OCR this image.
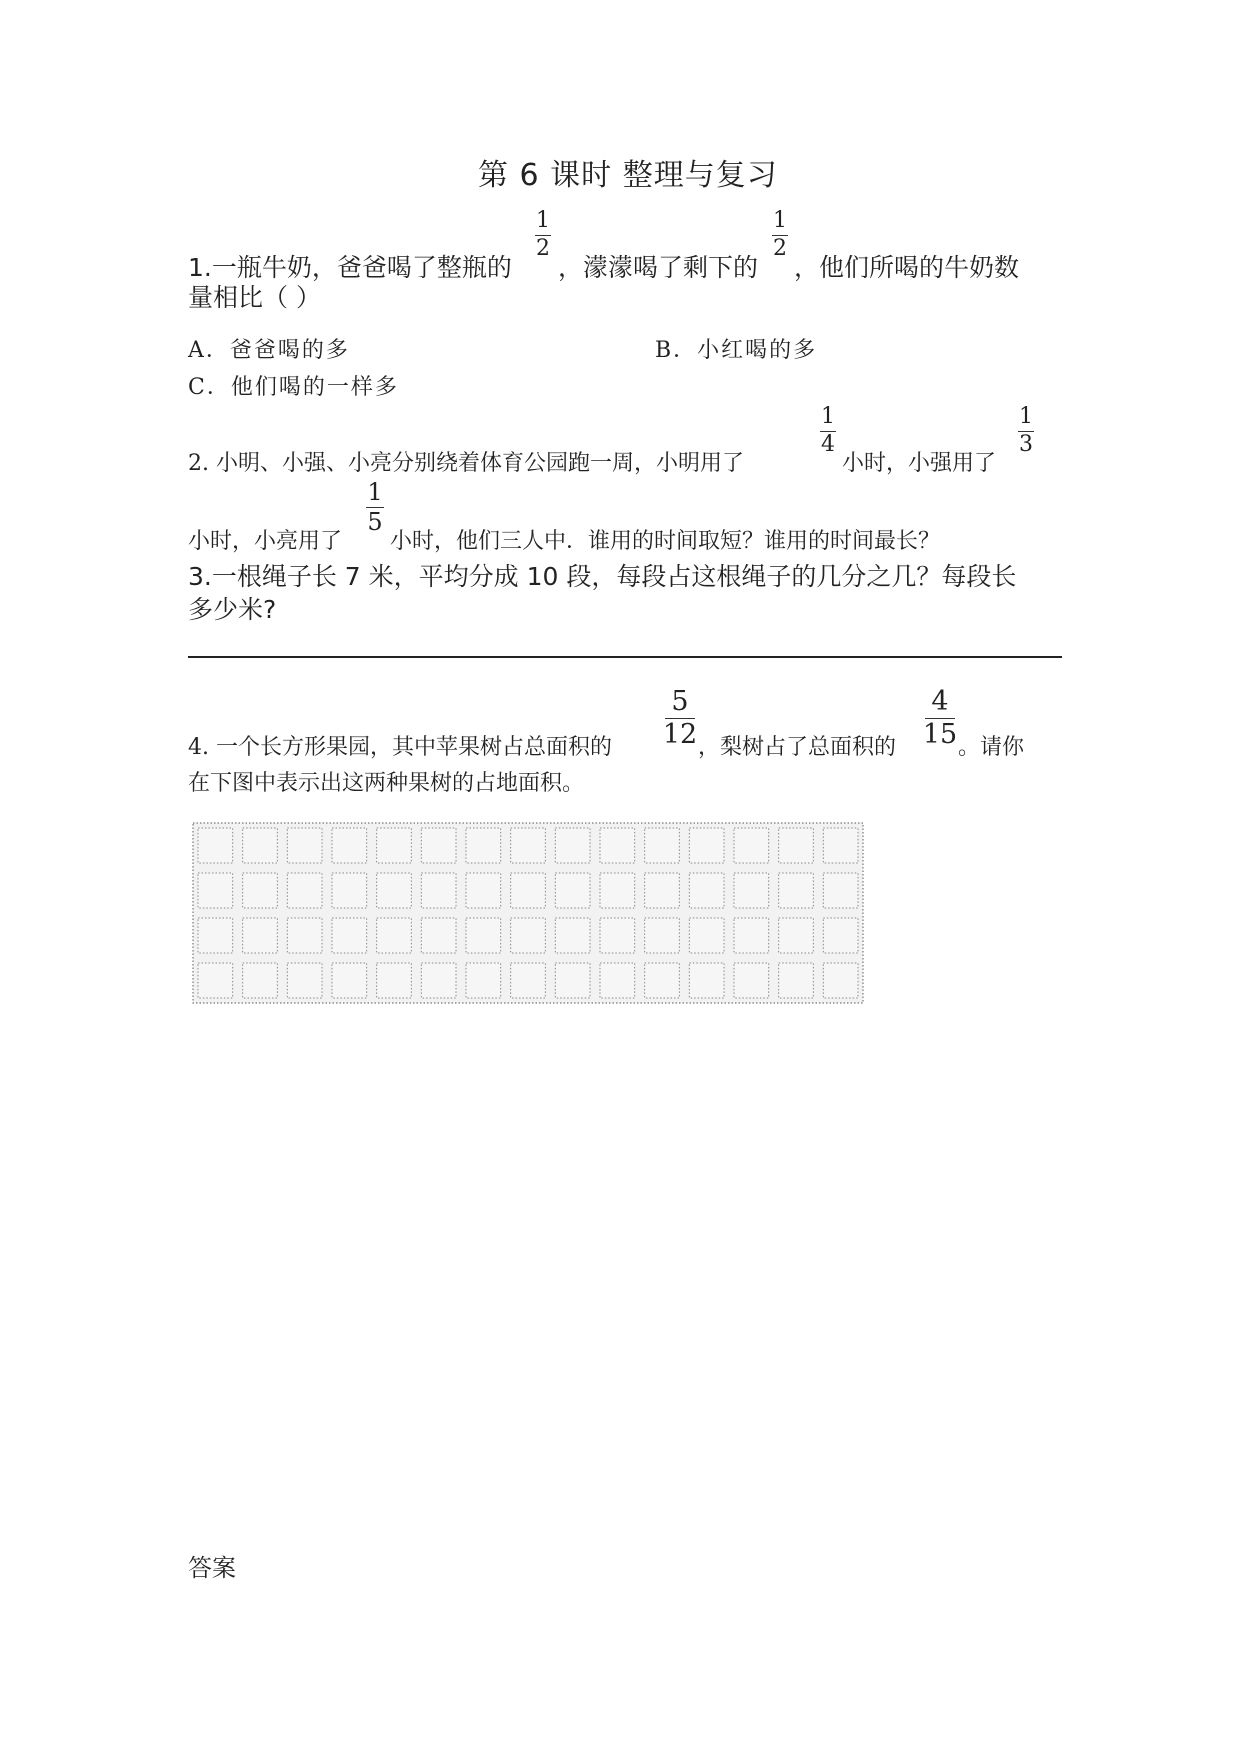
第 6 课时 整理与复习
1.一瓶牛奶，爸爸喝了整瓶的
1
2
，濛濛喝了剩下的
1
2
，他们所喝的牛奶数
量相比（ ）
A．爸爸喝的多	B．小红喝的多
C．他们喝的一样多
2. 小明、小强、小亮分别绕着体育公园跑一周，小明用了
1
4
小时，小强用了
1
3
小时，小亮用了
1
5
小时，他们三人中．谁用的时间取短？谁用的时间最长？
3.一根绳子长 7 米，平均分成 10 段，每段占这根绳子的几分之几？每段长
多少米?
4. 一个长方形果园，其中苹果树占总面积的
5
12 ，梨树占了总面积的
4
15 。请你
在下图中表示出这两种果树的占地面积。
答案
